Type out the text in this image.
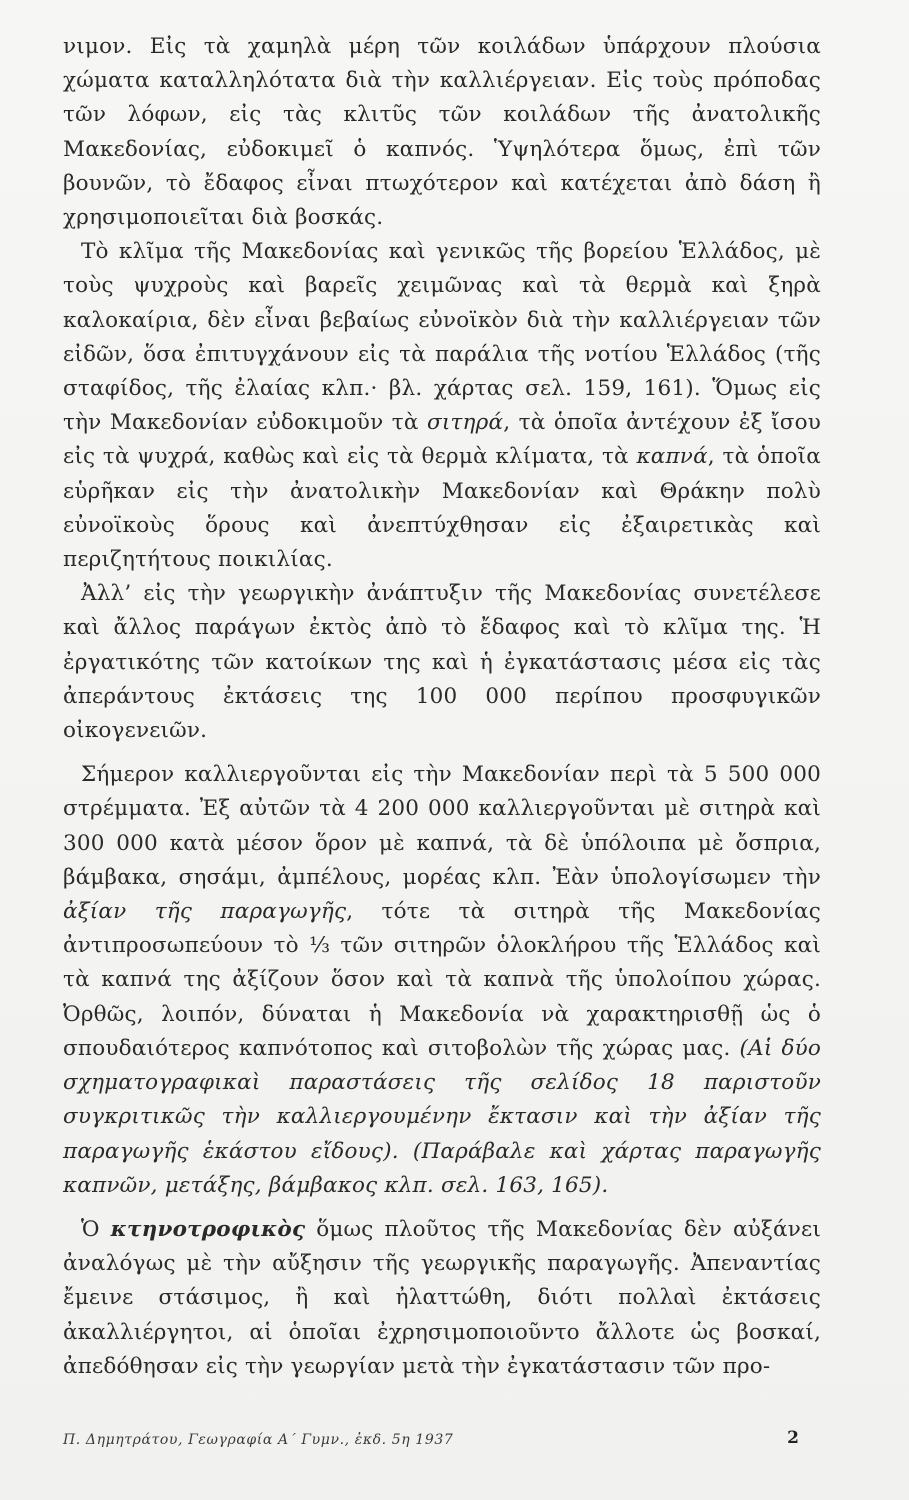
νιμον. Εἰς τὰ χαμηλὰ μέρη τῶν κοιλάδων ὑπάρχουν πλούσια χώματα καταλληλότατα διὰ τὴν καλλιέργειαν. Εἰς τοὺς πρόποδας τῶν λόφων, εἰς τὰς κλιτῦς τῶν κοιλάδων τῆς ἀνατολικῆς Μακεδονίας, εὐδοκιμεῖ ὁ καπνός. Ὑψηλότερα ὅμως, ἐπὶ τῶν βουνῶν, τὸ ἔδαφος εἶναι πτωχότερον καὶ κατέχεται ἀπὸ δάση ἢ χρησιμοποιεῖται διὰ βοσκάς.

Τὸ κλῖμα τῆς Μακεδονίας καὶ γενικῶς τῆς βορείου Ἑλλάδος, μὲ τοὺς ψυχροὺς καὶ βαρεῖς χειμῶνας καὶ τὰ θερμὰ καὶ ξηρὰ καλοκαίρια, δὲν εἶναι βεβαίως εὐνοϊκὸν διὰ τὴν καλλιέργειαν τῶν εἰδῶν, ὅσα ἐπιτυγχάνουν εἰς τὰ παράλια τῆς νοτίου Ἑλλάδος (τῆς σταφίδος, τῆς ἐλαίας κλπ.· βλ. χάρτας σελ. 159, 161). Ὅμως εἰς τὴν Μακεδονίαν εὐδοκιμοῦν τὰ σιτηρά, τὰ ὁποῖα ἀντέχουν ἐξ ἴσου εἰς τὰ ψυχρά, καθὼς καὶ εἰς τὰ θερμὰ κλίματα, τὰ καπνά, τὰ ὁποῖα εὑρῆκαν εἰς τὴν ἀνατολικὴν Μακεδονίαν καὶ Θράκην πολὺ εὐνοϊκοὺς ὅρους καὶ ἀνεπτύχθησαν εἰς ἐξαιρετικὰς καὶ περιζητήτους ποικιλίας.

Ἀλλ’ εἰς τὴν γεωργικὴν ἀνάπτυξιν τῆς Μακεδονίας συνετέλεσε καὶ ἄλλος παράγων ἐκτὸς ἀπὸ τὸ ἔδαφος καὶ τὸ κλῖμα της. Ἡ ἐργατικότης τῶν κατοίκων της καὶ ἡ ἐγκατάστασις μέσα εἰς τὰς ἀπεράντους ἐκτάσεις της 100 000 περίπου προσφυγικῶν οἰκογενειῶν.

Σήμερον καλλιεργοῦνται εἰς τὴν Μακεδονίαν περὶ τὰ 5 500 000 στρέμματα. Ἐξ αὐτῶν τὰ 4 200 000 καλλιεργοῦνται μὲ σιτηρὰ καὶ 300 000 κατὰ μέσον ὅρον μὲ καπνά, τὰ δὲ ὑπόλοιπα μὲ ὄσπρια, βάμβακα, σησάμι, ἀμπέλους, μορέας κλπ. Ἐὰν ὑπολογίσωμεν τὴν ἀξίαν τῆς παραγωγῆς, τότε τὰ σιτηρὰ τῆς Μακεδονίας ἀντιπροσωπεύουν τὸ ⅓ τῶν σιτηρῶν ὁλοκλήρου τῆς Ἑλλάδος καὶ τὰ καπνά της ἀξίζουν ὅσον καὶ τὰ καπνὰ τῆς ὑπολοίπου χώρας. Ὀρθῶς, λοιπόν, δύναται ἡ Μακεδονία νὰ χαρακτηρισθῇ ὡς ὁ σπουδαιότερος καπνότοπος καὶ σιτοβολὼν τῆς χώρας μας. (Αἱ δύο σχηματογραφικαὶ παραστάσεις τῆς σελίδος 18 παριστοῦν συγκριτικῶς τὴν καλλιεργουμένην ἔκτασιν καὶ τὴν ἀξίαν τῆς παραγωγῆς ἑκάστου εἴδους). (Παράβαλε καὶ χάρτας παραγωγῆς καπνῶν, μετάξης, βάμβακος κλπ. σελ. 163, 165).

Ὁ κτηνοτροφικὸς ὅμως πλοῦτος τῆς Μακεδονίας δὲν αὐξάνει ἀναλόγως μὲ τὴν αὔξησιν τῆς γεωργικῆς παραγωγῆς. Ἀπεναντίας ἔμεινε στάσιμος, ἢ καὶ ἠλαττώθη, διότι πολλαὶ ἐκτάσεις ἀκαλλιέργητοι, αἱ ὁποῖαι ἐχρησιμοποιοῦντο ἄλλοτε ὡς βοσκαί, ἀπεδόθησαν εἰς τὴν γεωργίαν μετὰ τὴν ἐγκατάστασιν τῶν προ-

Π. Δημητράτου, Γεωγραφία Α΄ Γυμν., ἐκδ. 5η 1937	2
